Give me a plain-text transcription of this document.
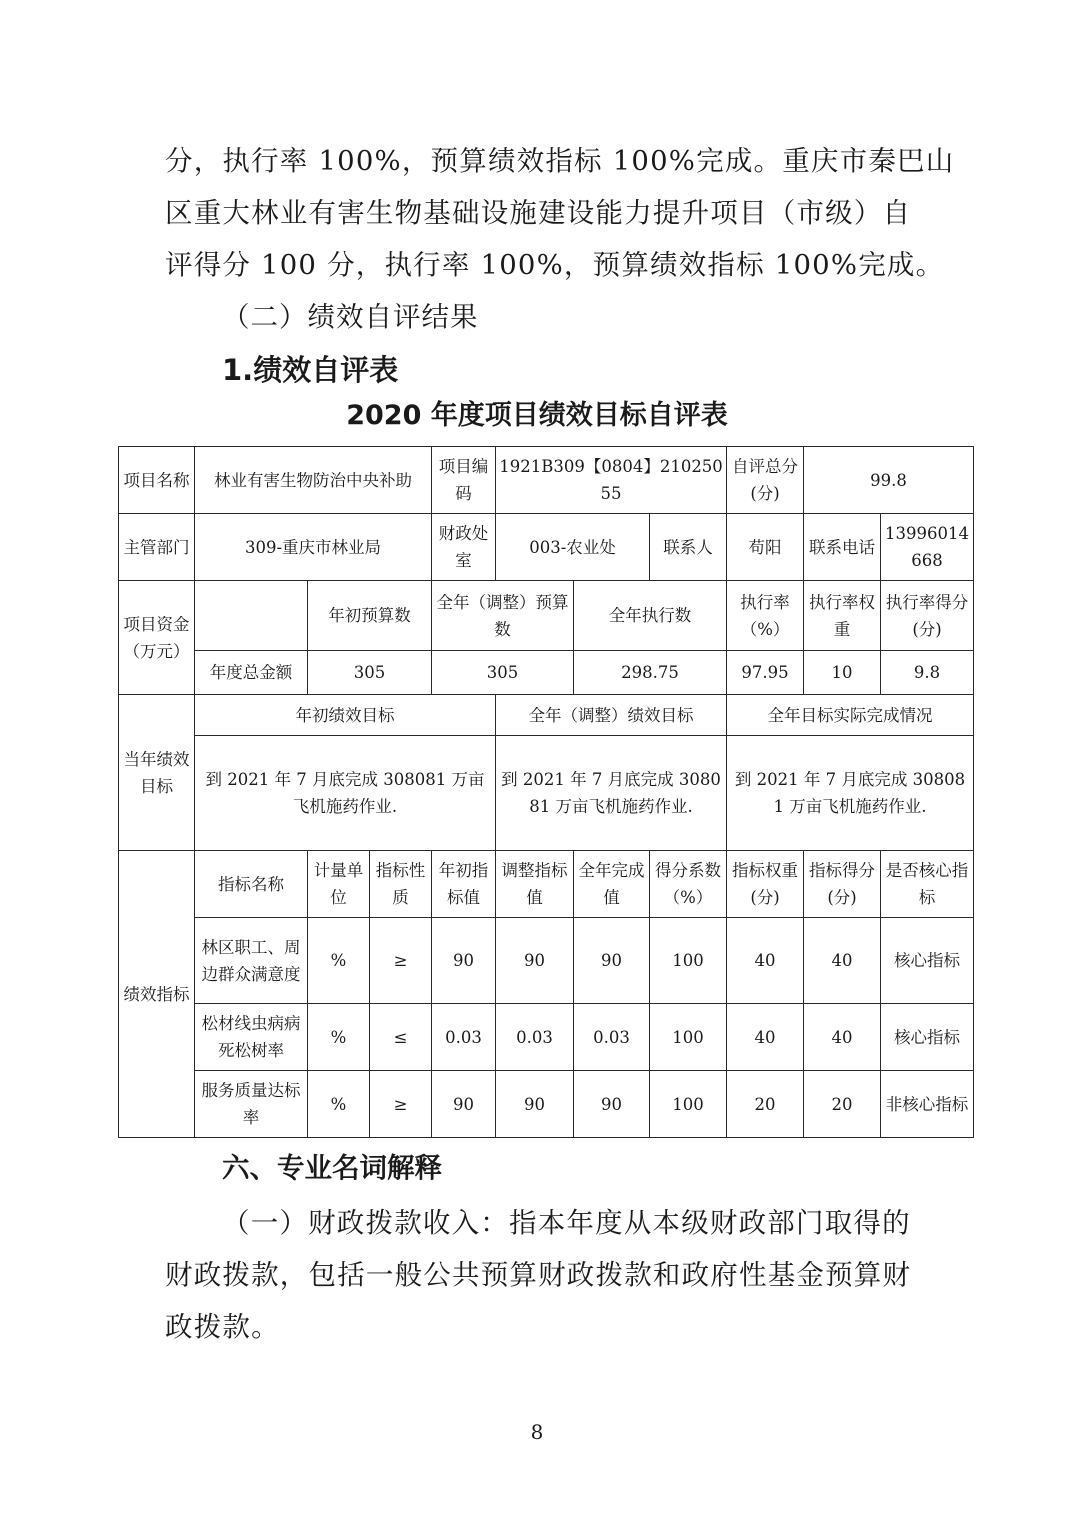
分，执行率 100%，预算绩效指标 100%完成。重庆市秦巴山
区重大林业有害生物基础设施建设能力提升项目（市级）自
评得分 100 分，执行率 100%，预算绩效指标 100%完成。

（二）绩效自评结果
1.绩效自评表
2020 年度项目绩效目标自评表
项目名称	林业有害生物防治中央补助			项目编码	1921B309【0804】21025055			自评总分(分)	99.8	
主管部门	309-重庆市林业局			财政处室	003-农业处		联系人	苟阳	联系电话	13996014668
项目资金（万元）		年初预算数		全年（调整）预算数		全年执行数		执行率（%）	执行率权重	执行率得分(分)
	年度总金额	305		305		298.75		97.95	10	9.8
当年绩效目标	年初绩效目标				全年（调整）绩效目标			全年目标实际完成情况		
	到 2021 年 7 月底完成 308081 万亩飞机施药作业.				到 2021 年 7 月底完成 308081 万亩飞机施药作业.			到 2021 年 7 月底完成 308081 万亩飞机施药作业.		
绩效指标	指标名称	计量单位	指标性质	年初指标值	调整指标值	全年完成值	得分系数（%）	指标权重(分)	指标得分(分)	是否核心指标
	林区职工、周边群众满意度	%	≥	90	90	90	100	40	40	核心指标
	松材线虫病病死松树率	%	≤	0.03	0.03	0.03	100	40	40	核心指标
	服务质量达标率	%	≥	90	90	90	100	20	20	非核心指标
六、专业名词解释

（一）财政拨款收入：指本年度从本级财政部门取得的
财政拨款，包括一般公共预算财政拨款和政府性基金预算财
政拨款。

8
